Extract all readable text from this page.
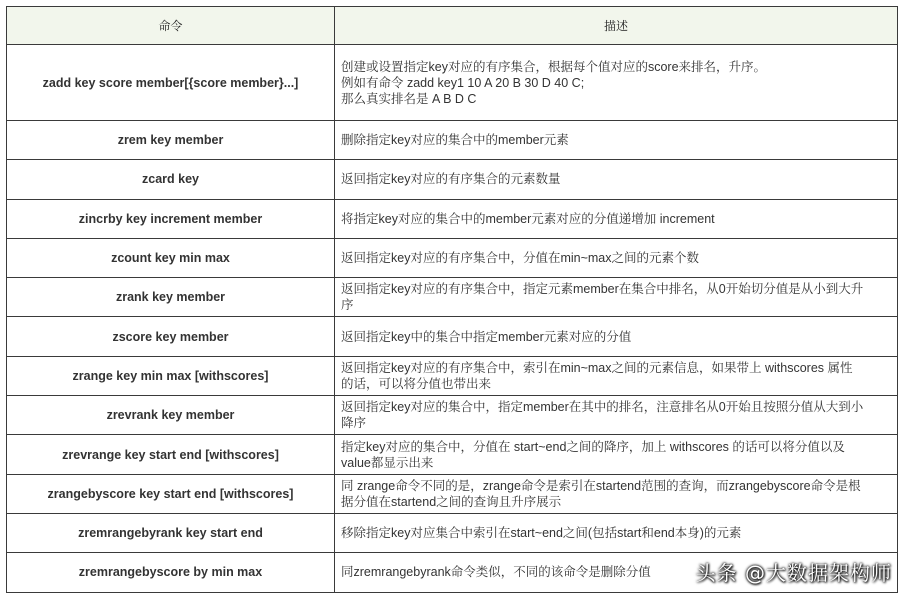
命令	描述
zadd key score member[{score member}...]	创建或设置指定key对应的有序集合，根据每个值对应的score来排名，升序。
例如有命令 zadd key1 10 A 20 B 30 D 40 C;
那么真实排名是 A B D C

zrem key member	删除指定key对应的集合中的member元素

zcard key	返回指定key对应的有序集合的元素数量

zincrby key increment member	将指定key对应的集合中的member元素对应的分值递增加 increment

zcount key min max	返回指定key对应的有序集合中，分值在min~max之间的元素个数

zrank key member	返回指定key对应的有序集合中，指定元素member在集合中排名，从0开始切分值是从小到大升
序

zscore key member	返回指定key中的集合中指定member元素对应的分值

zrange key min max [withscores]	返回指定key对应的有序集合中，索引在min~max之间的元素信息，如果带上 withscores 属性
的话，可以将分值也带出来

zrevrank key member	返回指定key对应的集合中，指定member在其中的排名，注意排名从0开始且按照分值从大到小
降序

zrevrange key start end [withscores]	指定key对应的集合中，分值在 start~end之间的降序，加上 withscores 的话可以将分值以及
value都显示出来

zrangebyscore key start end [withscores]	同 zrange命令不同的是，zrange命令是索引在startend范围的查询，而zrangebyscore命令是根
据分值在startend之间的查询且升序展示

zremrangebyrank key start end	移除指定key对应集合中索引在start~end之间(包括start和end本身)的元素

zremrangebyscore by min max	同zremrangebyrank命令类似，不同的该命令是删除分值	头条 @大数据架构师
